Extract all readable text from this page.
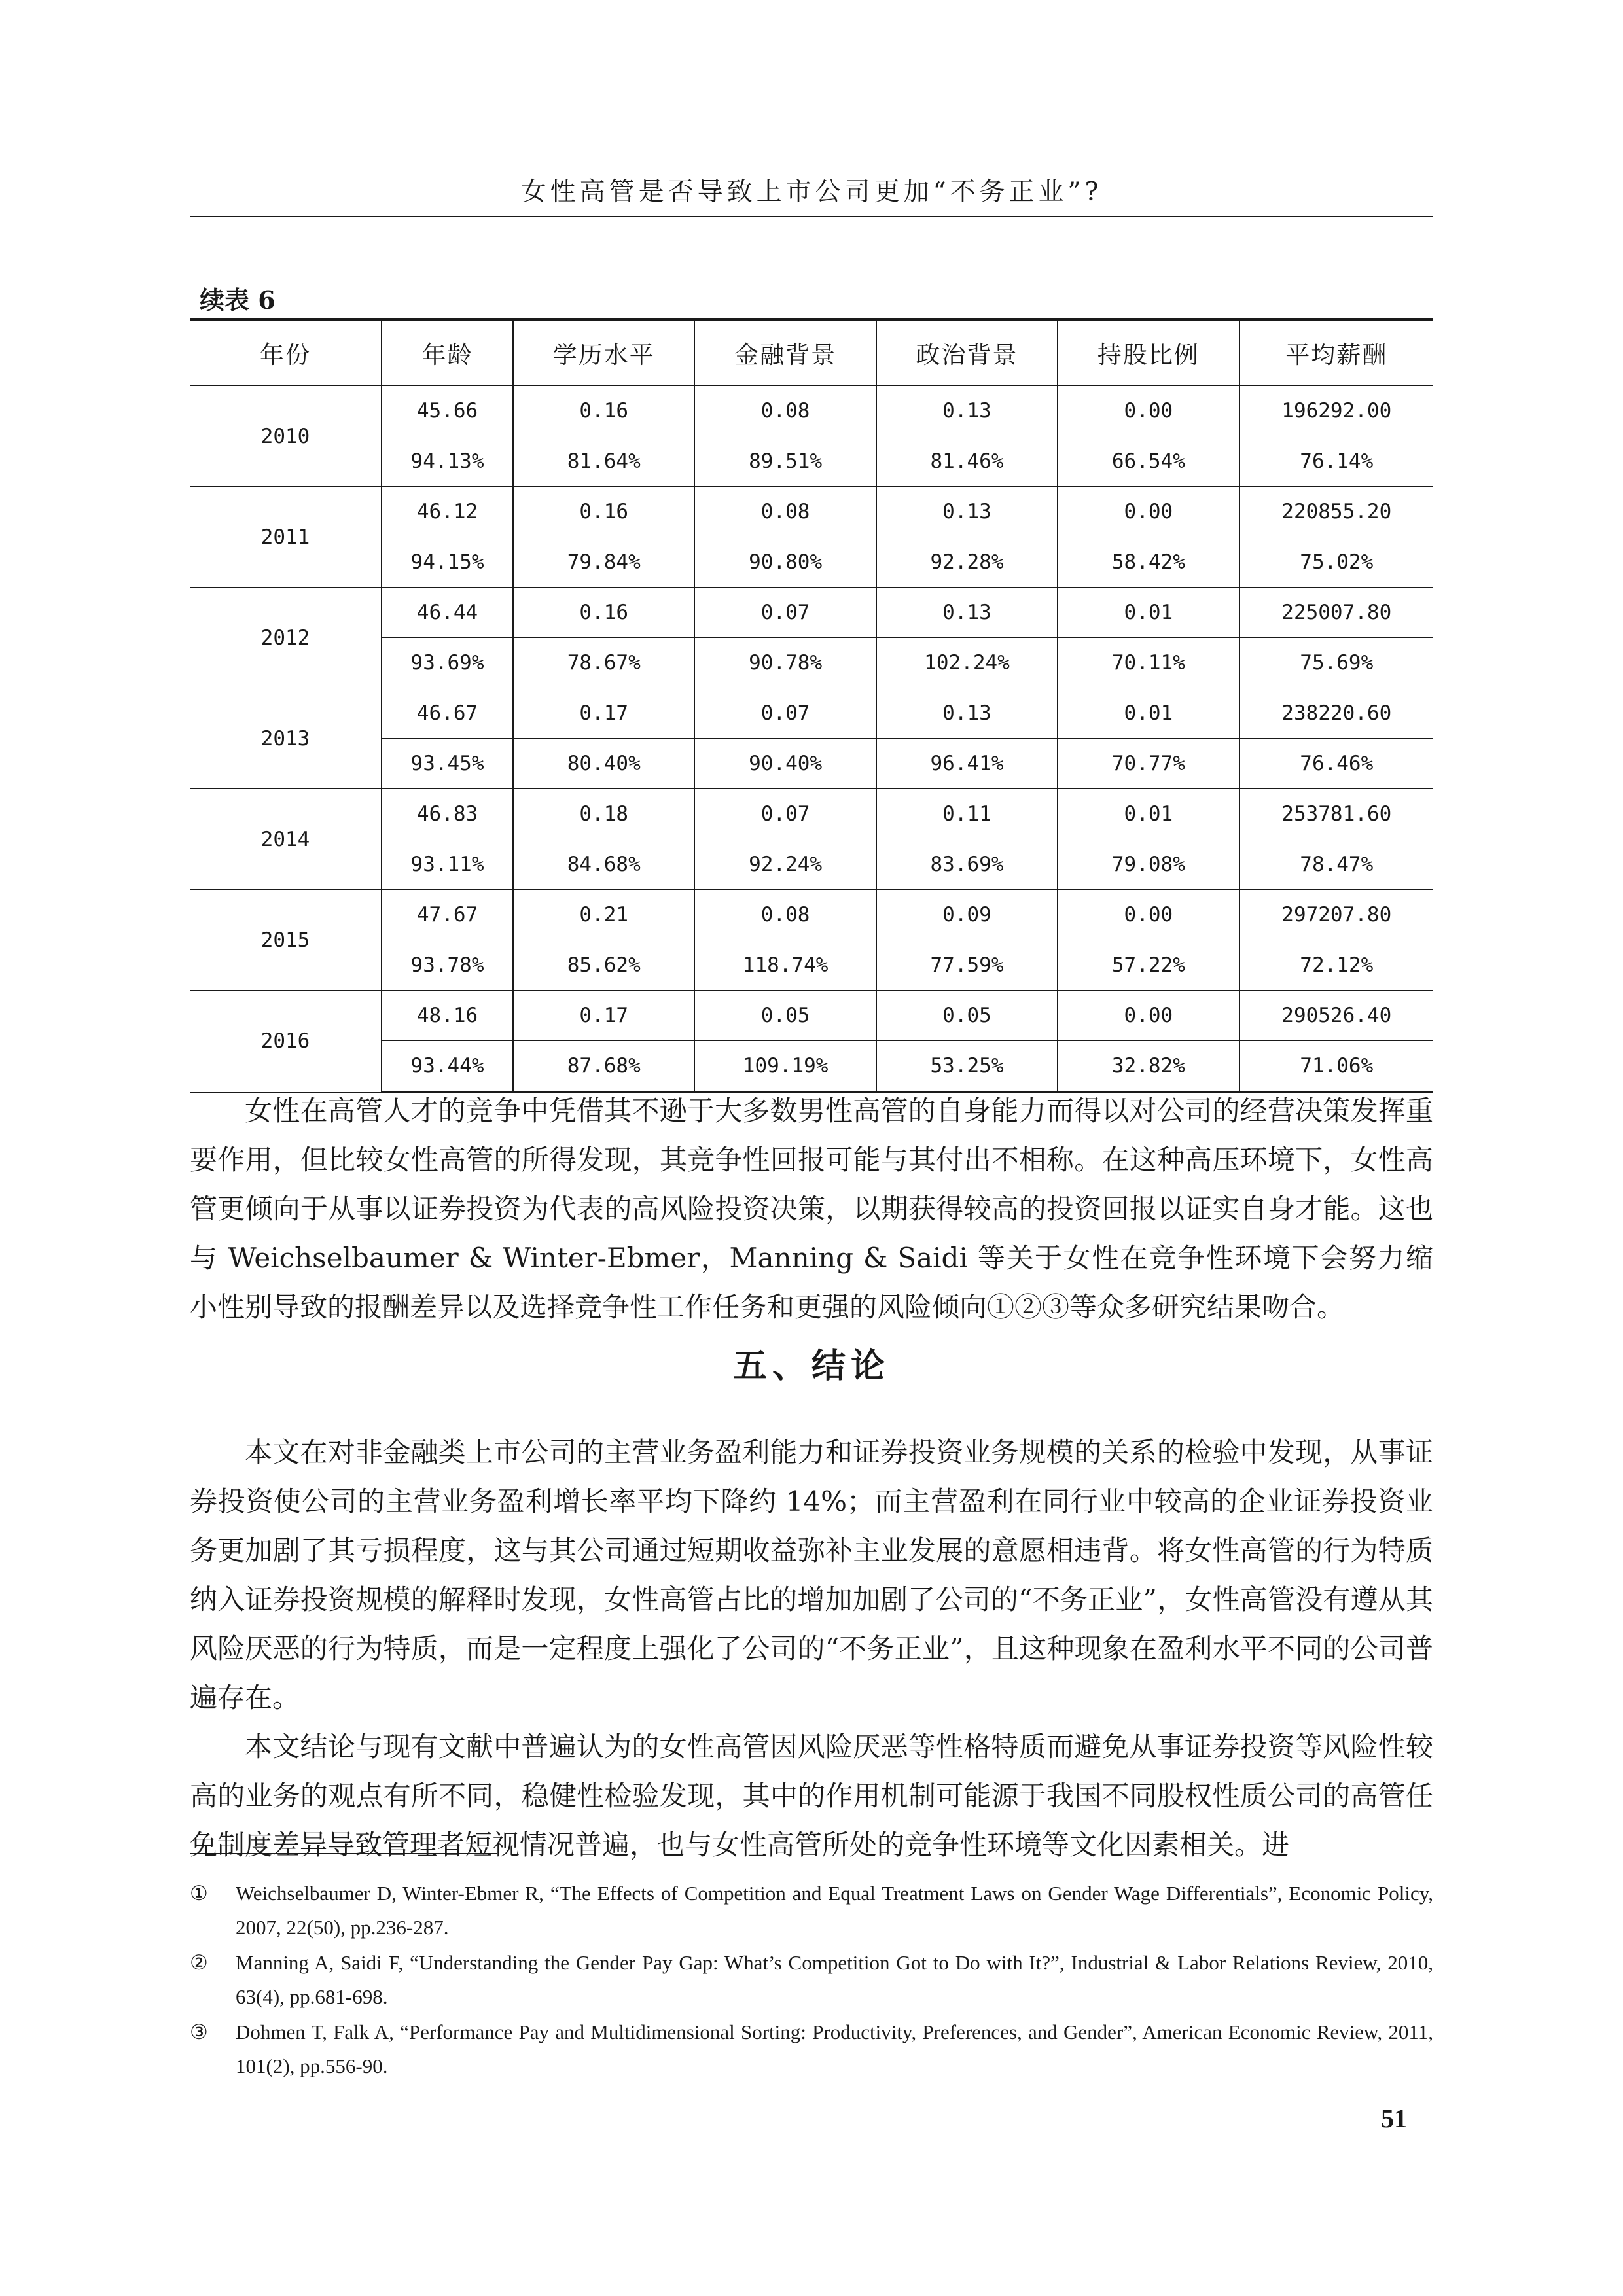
女性高管是否导致上市公司更加“不务正业”?
续表 6
年份	年龄	学历水平	金融背景	政治背景	持股比例	平均薪酬
2010	45.66	0.16	0.08	0.13	0.00	196292.00
	94.13%	81.64%	89.51%	81.46%	66.54%	76.14%
2011	46.12	0.16	0.08	0.13	0.00	220855.20
	94.15%	79.84%	90.80%	92.28%	58.42%	75.02%
2012	46.44	0.16	0.07	0.13	0.01	225007.80
	93.69%	78.67%	90.78%	102.24%	70.11%	75.69%
2013	46.67	0.17	0.07	0.13	0.01	238220.60
	93.45%	80.40%	90.40%	96.41%	70.77%	76.46%
2014	46.83	0.18	0.07	0.11	0.01	253781.60
	93.11%	84.68%	92.24%	83.69%	79.08%	78.47%
2015	47.67	0.21	0.08	0.09	0.00	297207.80
	93.78%	85.62%	118.74%	77.59%	57.22%	72.12%
2016	48.16	0.17	0.05	0.05	0.00	290526.40
	93.44%	87.68%	109.19%	53.25%	32.82%	71.06%

女性在高管人才的竞争中凭借其不逊于大多数男性高管的自身能力而得以对公司的经营决策发挥重要作用，但比较女性高管的所得发现，其竞争性回报可能与其付出不相称。在这种高压环境下，女性高管更倾向于从事以证券投资为代表的高风险投资决策，以期获得较高的投资回报以证实自身才能。这也与 Weichselbaumer & Winter-Ebmer，Manning & Saidi 等关于女性在竞争性环境下会努力缩小性别导致的报酬差异以及选择竞争性工作任务和更强的风险倾向①②③等众多研究结果吻合。

五、结论

本文在对非金融类上市公司的主营业务盈利能力和证券投资业务规模的关系的检验中发现，从事证券投资使公司的主营业务盈利增长率平均下降约 14%；而主营盈利在同行业中较高的企业证券投资业务更加剧了其亏损程度，这与其公司通过短期收益弥补主业发展的意愿相违背。将女性高管的行为特质纳入证券投资规模的解释时发现，女性高管占比的增加加剧了公司的“不务正业”，女性高管没有遵从其风险厌恶的行为特质，而是一定程度上强化了公司的“不务正业”，且这种现象在盈利水平不同的公司普遍存在。

本文结论与现有文献中普遍认为的女性高管因风险厌恶等性格特质而避免从事证券投资等风险性较高的业务的观点有所不同，稳健性检验发现，其中的作用机制可能源于我国不同股权性质公司的高管任免制度差异导致管理者短视情况普遍，也与女性高管所处的竞争性环境等文化因素相关。进

① Weichselbaumer D, Winter-Ebmer R, “The Effects of Competition and Equal Treatment Laws on Gender Wage Differentials”, Economic Policy, 2007, 22(50), pp.236-287.
② Manning A, Saidi F, “Understanding the Gender Pay Gap: What’s Competition Got to Do with It?”, Industrial & Labor Relations Review, 2010, 63(4), pp.681-698.
③ Dohmen T, Falk A, “Performance Pay and Multidimensional Sorting: Productivity, Preferences, and Gender”, American Economic Review, 2011, 101(2), pp.556-90.
51
